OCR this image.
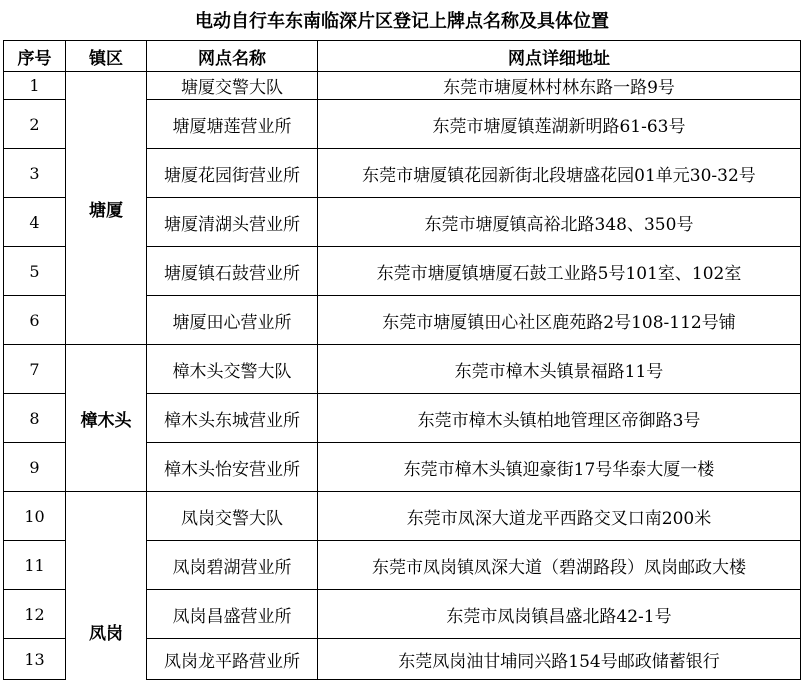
电动自行车东南临深片区登记上牌点名称及具体位置			
序号	镇区	网点名称	网点详细地址
1	塘厦	塘厦交警大队	东莞市塘厦林村林东路一路9号
2		塘厦塘莲营业所	东莞市塘厦镇莲湖新明路61-63号
3		塘厦花园街营业所	东莞市塘厦镇花园新街北段塘盛花园01单元30-32号
4		塘厦清湖头营业所	东莞市塘厦镇高裕北路348、350号
5		塘厦镇石鼓营业所	东莞市塘厦镇塘厦石鼓工业路5号101室、102室
6		塘厦田心营业所	东莞市塘厦镇田心社区鹿苑路2号108-112号铺
7	樟木头	樟木头交警大队	东莞市樟木头镇景福路11号
8		樟木头东城营业所	东莞市樟木头镇柏地管理区帝御路3号
9		樟木头怡安营业所	东莞市樟木头镇迎豪街17号华泰大厦一楼
10	凤岗	凤岗交警大队	东莞市凤深大道龙平西路交叉口南200米
11		凤岗碧湖营业所	东莞市凤岗镇凤深大道（碧湖路段）凤岗邮政大楼
12		凤岗昌盛营业所	东莞市凤岗镇昌盛北路42-1号
13		凤岗龙平路营业所	东莞凤岗油甘埔同兴路154号邮政储蓄银行
